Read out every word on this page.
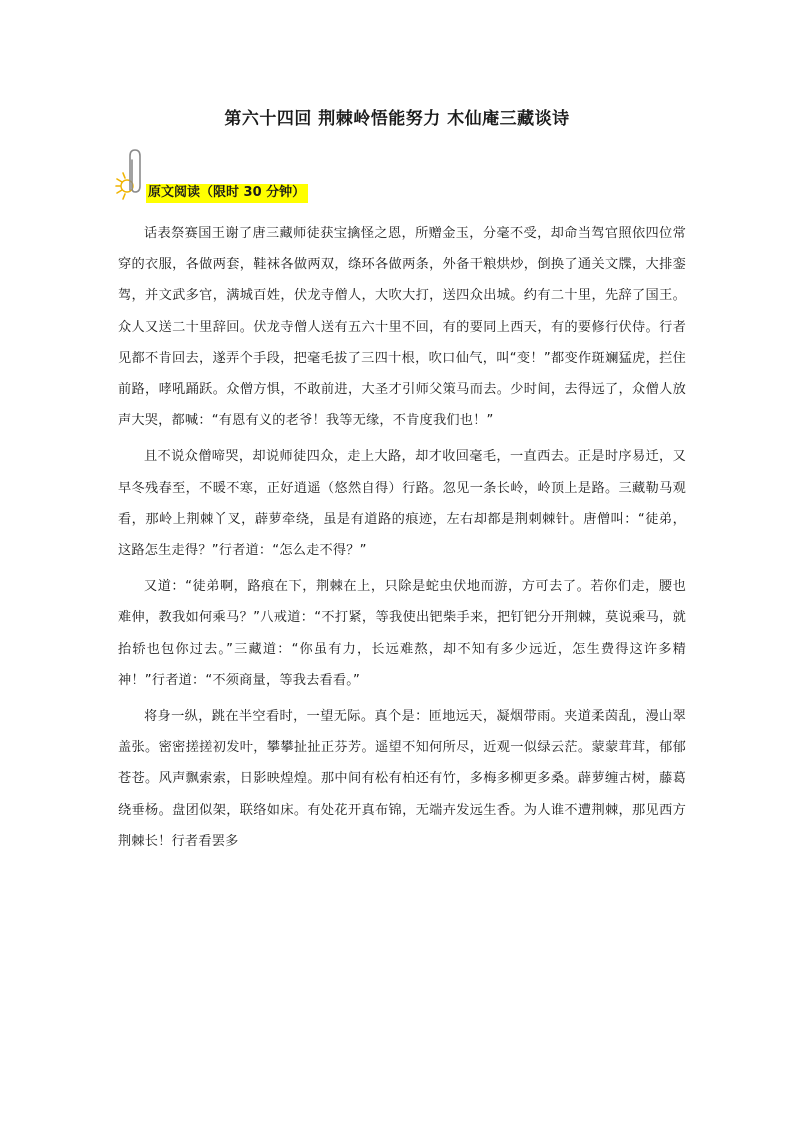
第六十四回 荆棘岭悟能努力 木仙庵三藏谈诗
原文阅读（限时 30 分钟）

话表祭赛国王谢了唐三藏师徒获宝擒怪之恩，所赠金玉，分毫不受，却命当驾官照依四位常穿的衣服，各做两套，鞋袜各做两双，绦环各做两条，外备干粮烘炒，倒换了通关文牒，大排銮驾，并文武多官，满城百姓，伏龙寺僧人，大吹大打，送四众出城。约有二十里，先辞了国王。众人又送二十里辞回。伏龙寺僧人送有五六十里不回，有的要同上西天，有的要修行伏侍。行者见都不肯回去，遂弄个手段，把毫毛拔了三四十根，吹口仙气，叫“变！”都变作斑斓猛虎，拦住前路，哮吼踊跃。众僧方惧，不敢前进，大圣才引师父策马而去。少时间，去得远了，众僧人放声大哭，都喊：“有恩有义的老爷！我等无缘，不肯度我们也！”

且不说众僧啼哭，却说师徒四众，走上大路，却才收回毫毛，一直西去。正是时序易迁，又早冬残春至，不暖不寒，正好逍遥（悠然自得）行路。忽见一条长岭，岭顶上是路。三藏勒马观看，那岭上荆棘丫叉，薜萝牵绕，虽是有道路的痕迹，左右却都是荆刺棘针。唐僧叫：“徒弟，这路怎生走得？”行者道：“怎么走不得？”

又道：“徒弟啊，路痕在下，荆棘在上，只除是蛇虫伏地而游，方可去了。若你们走，腰也难伸，教我如何乘马？”八戒道：“不打紧，等我使出钯柴手来，把钉钯分开荆棘，莫说乘马，就抬轿也包你过去。”三藏道：“你虽有力，长远难熬，却不知有多少远近，怎生费得这许多精神！”行者道：“不须商量，等我去看看。”

将身一纵，跳在半空看时，一望无际。真个是：匝地远天，凝烟带雨。夹道柔茵乱，漫山翠盖张。密密搓搓初发叶，攀攀扯扯正芬芳。遥望不知何所尽，近观一似绿云茫。蒙蒙茸茸，郁郁苍苍。风声飘索索，日影映煌煌。那中间有松有柏还有竹，多梅多柳更多桑。薜萝缠古树，藤葛绕垂杨。盘团似架，联络如床。有处花开真布锦，无端卉发远生香。为人谁不遭荆棘，那见西方荆棘长！行者看罢多
